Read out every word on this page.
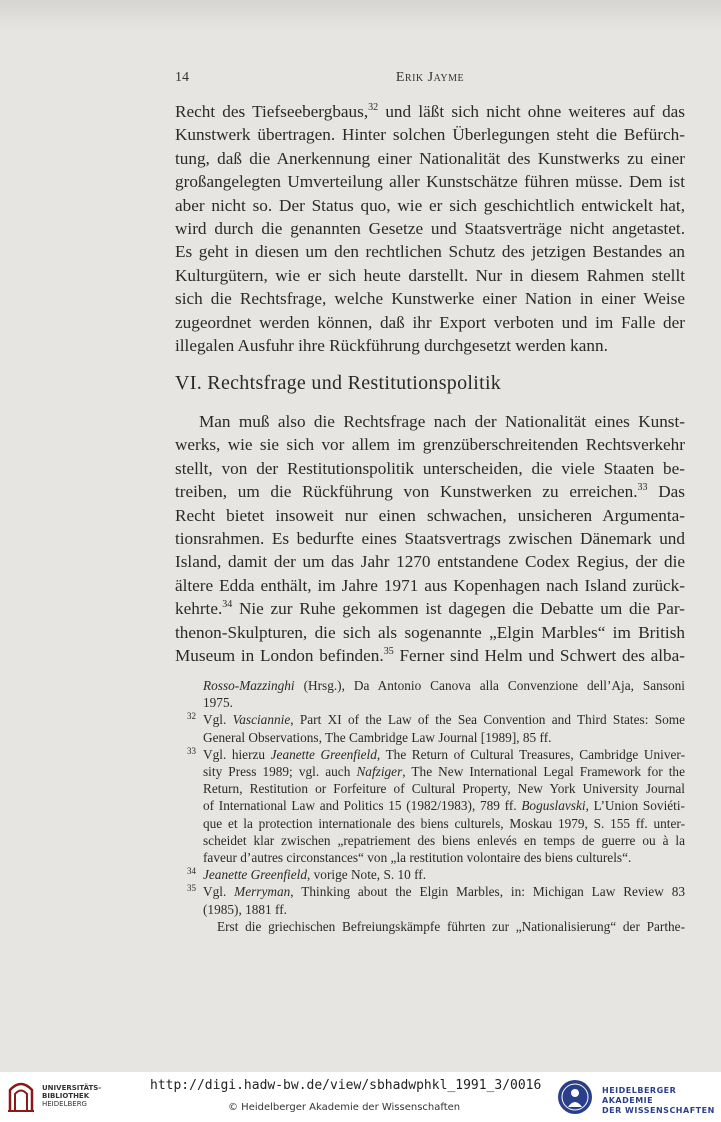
14	Erik Jayme
Recht des Tiefseebergbaus,$^{32}$ und läßt sich nicht ohne weiteres auf das
Kunstwerk übertragen. Hinter solchen Überlegungen steht die Befürch-
tung, daß die Anerkennung einer Nationalität des Kunstwerks zu einer
großangelegten Umverteilung aller Kunstschätze führen müsse. Dem ist
aber nicht so. Der Status quo, wie er sich geschichtlich entwickelt hat,
wird durch die genannten Gesetze und Staatsverträge nicht angetastet.
Es geht in diesen um den rechtlichen Schutz des jetzigen Bestandes an
Kulturgütern, wie er sich heute darstellt. Nur in diesem Rahmen stellt
sich die Rechtsfrage, welche Kunstwerke einer Nation in einer Weise
zugeordnet werden können, daß ihr Export verboten und im Falle der
illegalen Ausfuhr ihre Rückführung durchgesetzt werden kann.
VI. Rechtsfrage und Restitutionspolitik
Man muß also die Rechtsfrage nach der Nationalität eines Kunst-
werks, wie sie sich vor allem im grenzüberschreitenden Rechtsverkehr
stellt, von der Restitutionspolitik unterscheiden, die viele Staaten be-
treiben, um die Rückführung von Kunstwerken zu erreichen.$^{33}$ Das
Recht bietet insoweit nur einen schwachen, unsicheren Argumenta-
tionsrahmen. Es bedurfte eines Staatsvertrags zwischen Dänemark und
Island, damit der um das Jahr 1270 entstandene Codex Regius, der die
ältere Edda enthält, im Jahre 1971 aus Kopenhagen nach Island zurück-
kehrte.$^{34}$ Nie zur Ruhe gekommen ist dagegen die Debatte um die Par-
thenon-Skulpturen, die sich als sogenannte „Elgin Marbles“ im British
Museum in London befinden.$^{35}$ Ferner sind Helm und Schwert des alba-
Rosso-Mazzinghi (Hrsg.), Da Antonio Canova alla Convenzione dell’Aja, Sansoni
1975.
32 Vgl. Vasciannie, Part XI of the Law of the Sea Convention and Third States: Some
General Observations, The Cambridge Law Journal [1989], 85 ff.
33 Vgl. hierzu Jeanette Greenfield, The Return of Cultural Treasures, Cambridge Univer-
sity Press 1989; vgl. auch Nafziger, The New International Legal Framework for the
Return, Restitution or Forfeiture of Cultural Property, New York University Journal
of International Law and Politics 15 (1982/1983), 789 ff. Boguslavski, L’Union Soviéti-
que et la protection internationale des biens culturels, Moskau 1979, S. 155 ff. unter-
scheidet klar zwischen „repatriement des biens enlevés en temps de guerre ou à la
faveur d’autres circonstances“ von „la restitution volontaire des biens culturels“.
34 Jeanette Greenfield, vorige Note, S. 10 ff.
35 Vgl. Merryman, Thinking about the Elgin Marbles, in: Michigan Law Review 83
(1985), 1881 ff.
Erst die griechischen Befreiungskämpfe führten zur „Nationalisierung“ der Parthe-
UNIVERSITÄTS-
BIBLIOTHEK
HEIDELBERG
http://digi.hadw-bw.de/view/sbhadwphkl_1991_3/0016
© Heidelberger Akademie der Wissenschaften
HEIDELBERGER AKADEMIE
DER WISSENSCHAFTEN
